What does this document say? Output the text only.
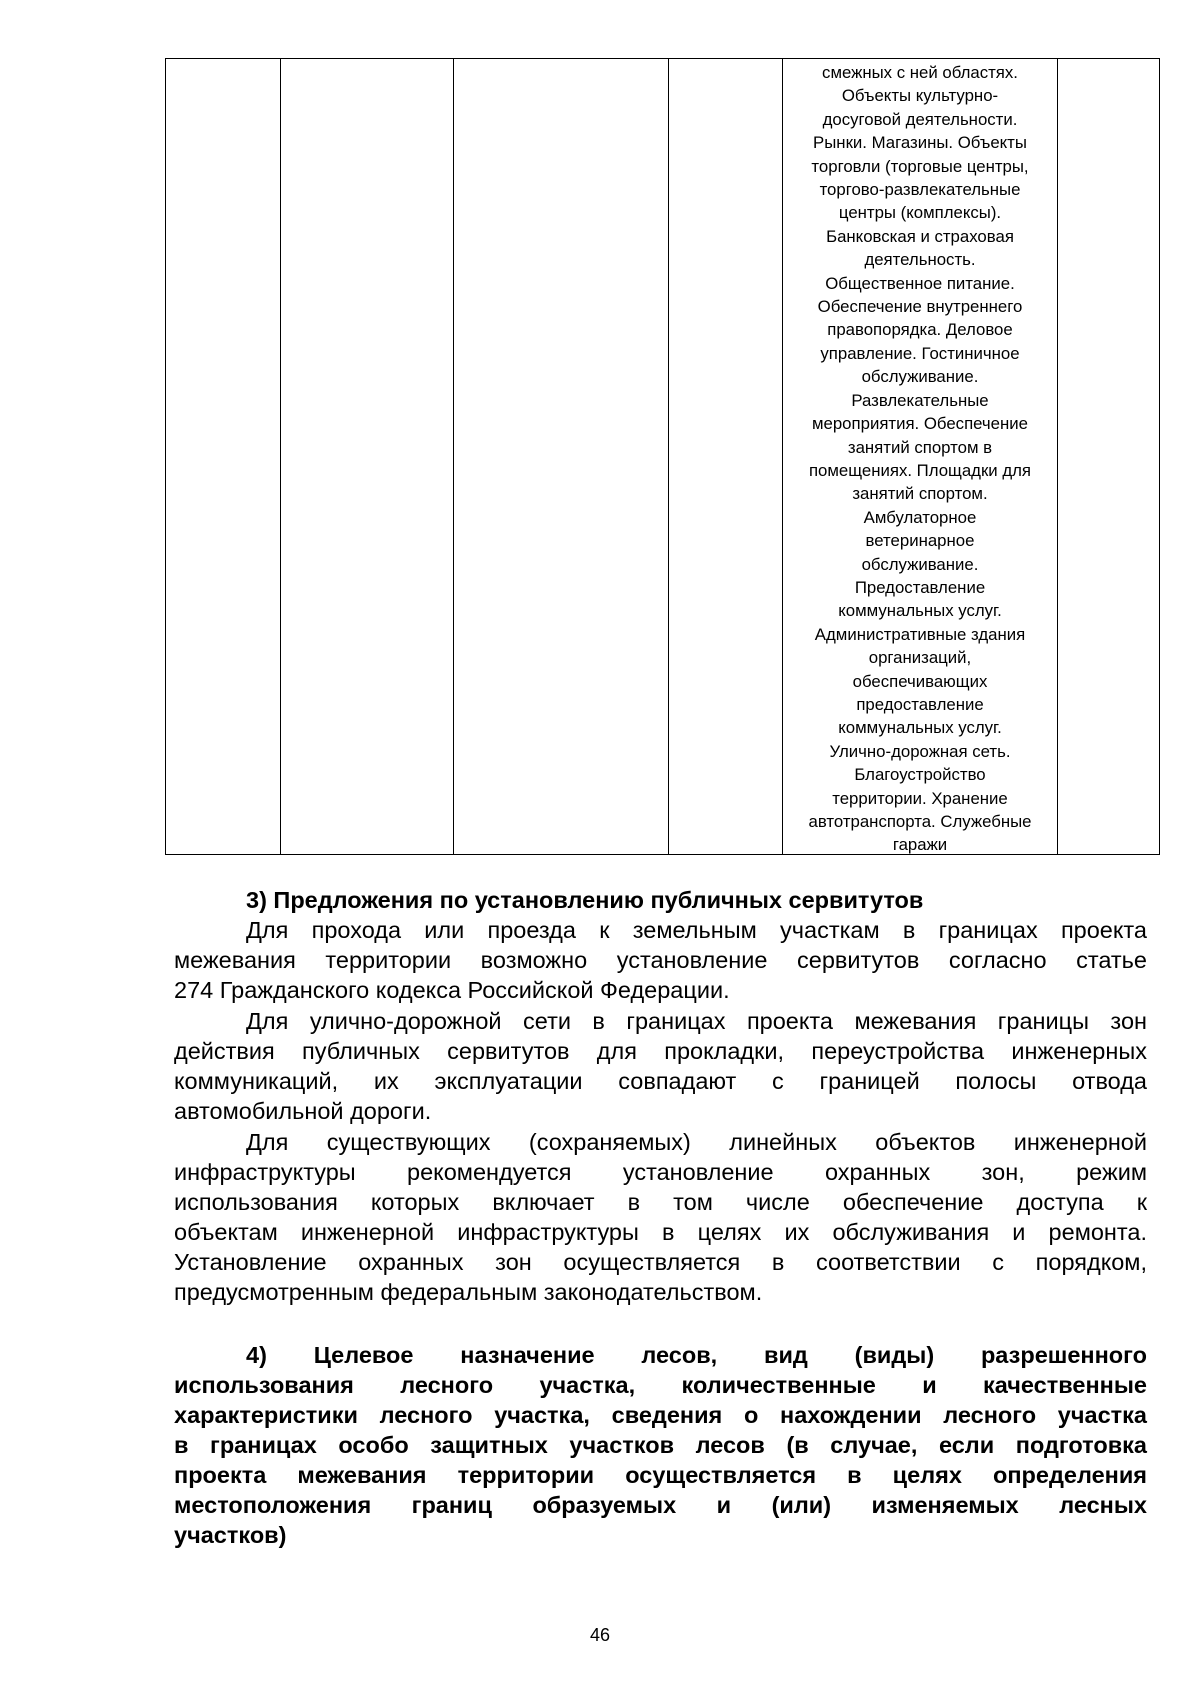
смежных с ней областях.
Объекты культурно-
досуговой деятельности.
Рынки. Магазины. Объекты
торговли (торговые центры,
торгово-развлекательные
центры (комплексы).
Банковская и страховая
деятельность.
Общественное питание.
Обеспечение внутреннего
правопорядка. Деловое
управление. Гостиничное
обслуживание.
Развлекательные
мероприятия. Обеспечение
занятий спортом в
помещениях. Площадки для
занятий спортом.
Амбулаторное
ветеринарное
обслуживание.
Предоставление
коммунальных услуг.
Административные здания
организаций,
обеспечивающих
предоставление
коммунальных услуг.
Улично-дорожная сеть.
Благоустройство
территории. Хранение
автотранспорта. Служебные
гаражи

3) Предложения по установлению публичных сервитутов
Для прохода или проезда к земельным участкам в границах проекта
межевания территории возможно установление сервитутов согласно статье
274 Гражданского кодекса Российской Федерации.
Для улично-дорожной сети в границах проекта межевания границы зон
действия публичных сервитутов для прокладки, переустройства инженерных
коммуникаций, их эксплуатации совпадают с границей полосы отвода
автомобильной дороги.
Для существующих (сохраняемых) линейных объектов инженерной
инфраструктуры рекомендуется установление охранных зон, режим
использования которых включает в том числе обеспечение доступа к
объектам инженерной инфраструктуры в целях их обслуживания и ремонта.
Установление охранных зон осуществляется в соответствии с порядком,
предусмотренным федеральным законодательством.
4) Целевое назначение лесов, вид (виды) разрешенного
использования лесного участка, количественные и качественные
характеристики лесного участка, сведения о нахождении лесного участка
в границах особо защитных участков лесов (в случае, если подготовка
проекта межевания территории осуществляется в целях определения
местоположения границ образуемых и (или) изменяемых лесных
участков)
46
